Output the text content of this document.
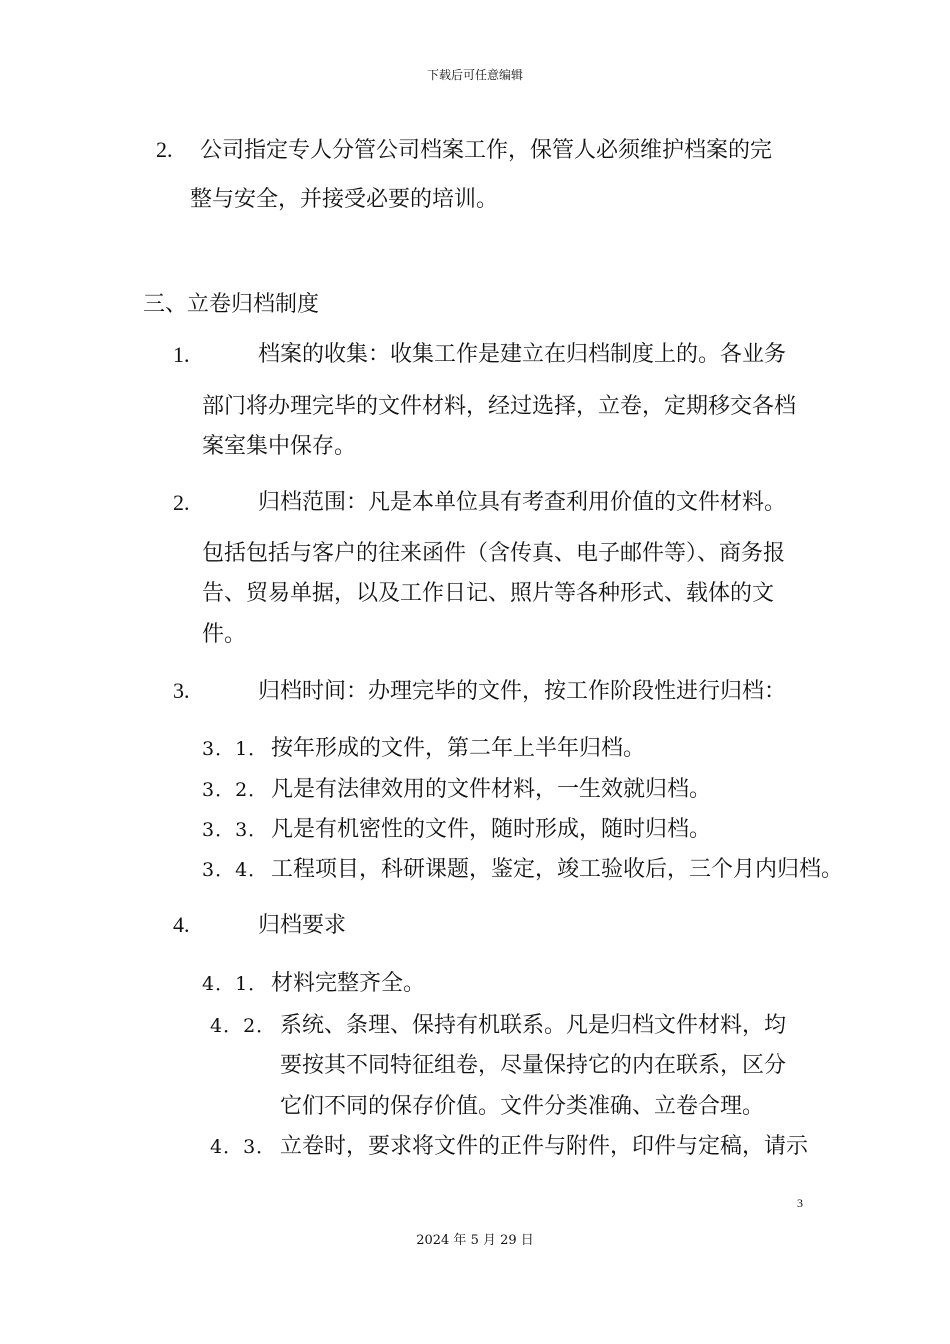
下载后可任意编辑
2. 公司指定专人分管公司档案工作，保管人必须维护档案的完
整与安全，并接受必要的培训。
三、立卷归档制度
1.	档案的收集：收集工作是建立在归档制度上的。各业务
部门将办理完毕的文件材料，经过选择，立卷，定期移交各档
案室集中保存。
2.	归档范围：凡是本单位具有考查利用价值的文件材料。
包括包括与客户的往来函件（含传真、电子邮件等）、商务报
告、贸易单据，以及工作日记、照片等各种形式、载体的文
件。
3.	归档时间：办理完毕的文件，按工作阶段性进行归档：
3．1． 按年形成的文件，第二年上半年归档。
3．2． 凡是有法律效用的文件材料，一生效就归档。
3．3． 凡是有机密性的文件，随时形成，随时归档。
3．4． 工程项目，科研课题，鉴定，竣工验收后，三个月内归档。
4.	归档要求
4．1． 材料完整齐全。
4．2． 系统、条理、保持有机联系。凡是归档文件材料，均
要按其不同特征组卷，尽量保持它的内在联系，区分
它们不同的保存价值。文件分类准确、立卷合理。
4．3． 立卷时，要求将文件的正件与附件，印件与定稿，请示
3
2024 年 5 月 29 日
